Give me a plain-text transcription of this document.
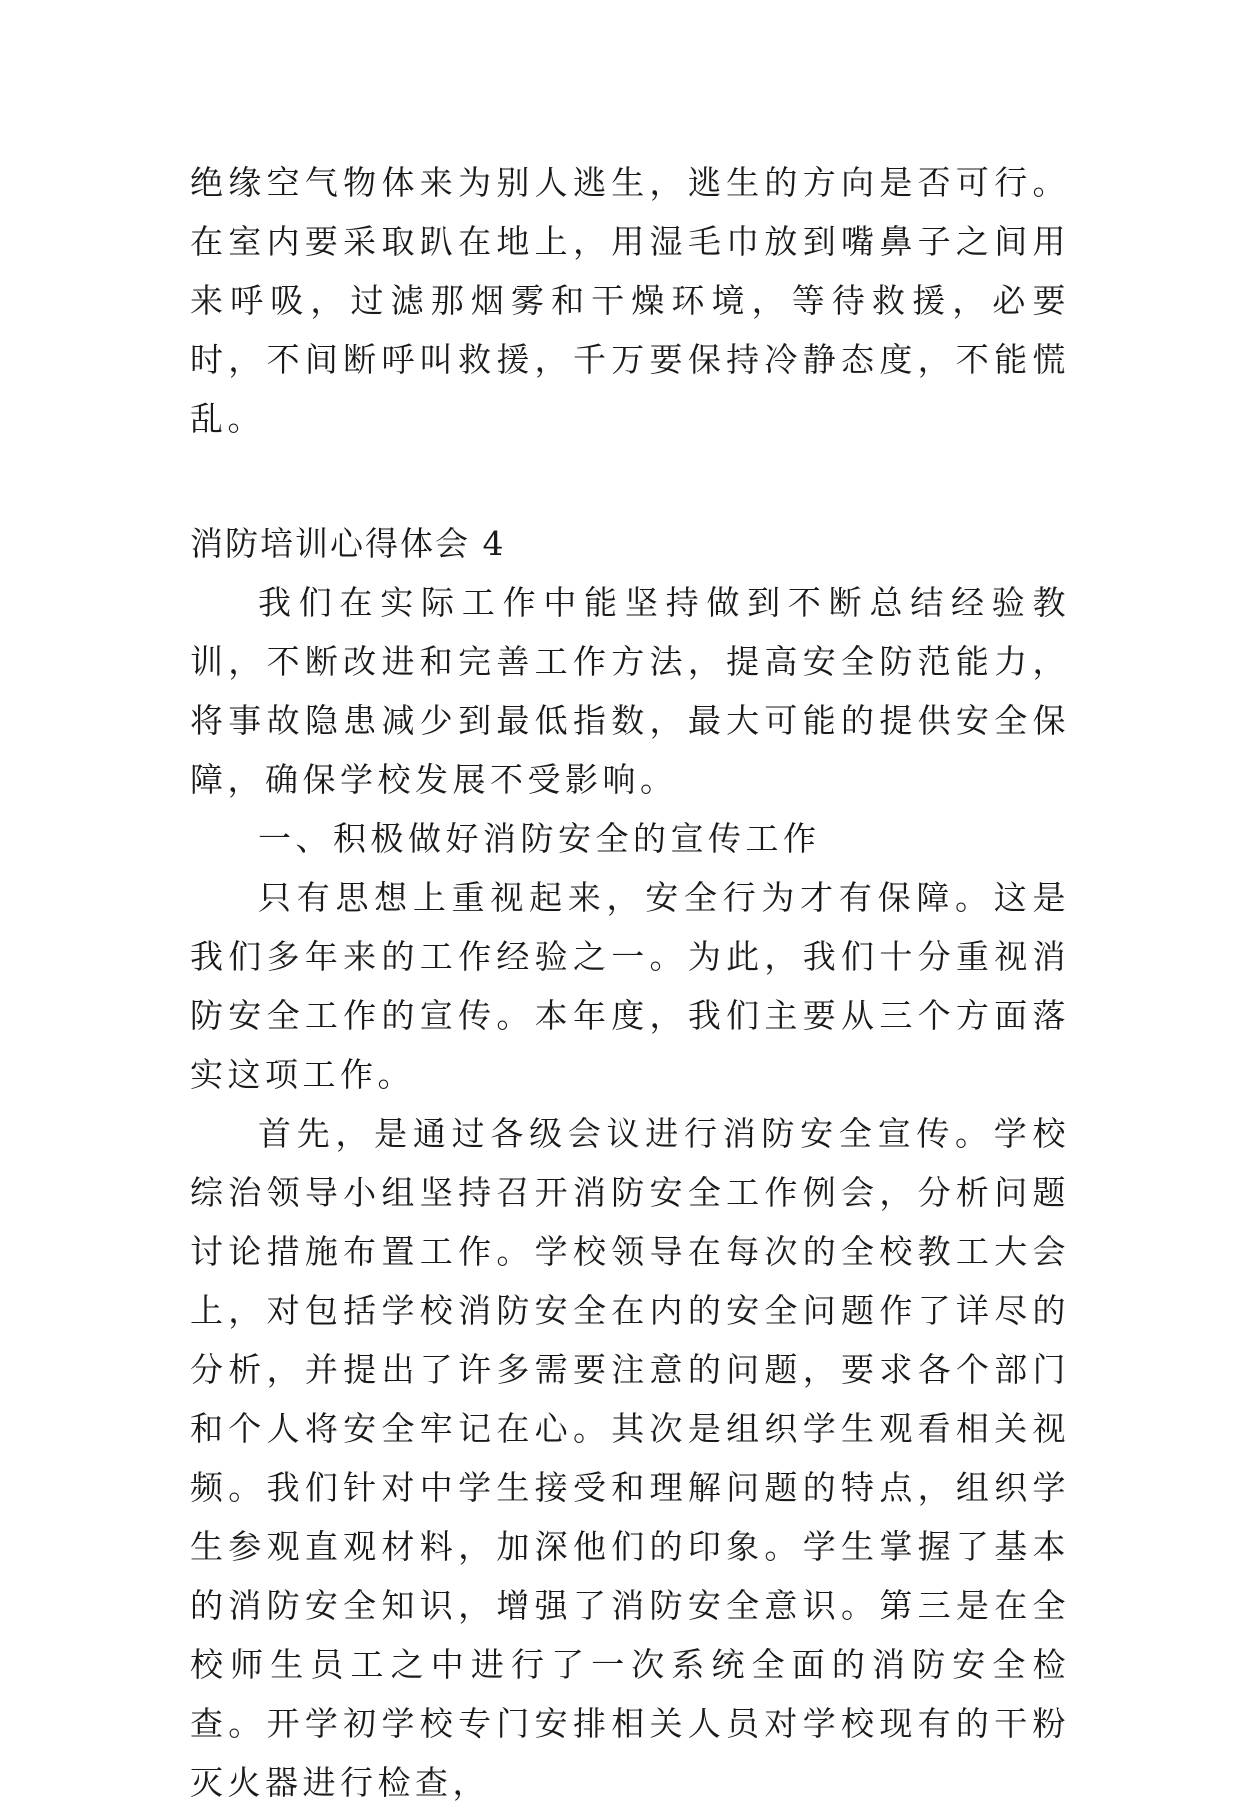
绝缘空气物体来为别人逃生，逃生的方向是否可行。在室内要采取趴在地上，用湿毛巾放到嘴鼻子之间用来呼吸，过滤那烟雾和干燥环境，等待救援，必要时，不间断呼叫救援，千万要保持冷静态度，不能慌乱。

消防培训心得体会 4

我们在实际工作中能坚持做到不断总结经验教训，不断改进和完善工作方法，提高安全防范能力，将事故隐患减少到最低指数，最大可能的提供安全保障，确保学校发展不受影响。

一、积极做好消防安全的宣传工作

只有思想上重视起来，安全行为才有保障。这是我们多年来的工作经验之一。为此，我们十分重视消防安全工作的宣传。本年度，我们主要从三个方面落实这项工作。

首先，是通过各级会议进行消防安全宣传。学校综治领导小组坚持召开消防安全工作例会，分析问题讨论措施布置工作。学校领导在每次的全校教工大会上，对包括学校消防安全在内的安全问题作了详尽的分析，并提出了许多需要注意的问题，要求各个部门和个人将安全牢记在心。其次是组织学生观看相关视频。我们针对中学生接受和理解问题的特点，组织学生参观直观材料，加深他们的印象。学生掌握了基本的消防安全知识，增强了消防安全意识。第三是在全校师生员工之中进行了一次系统全面的消防安全检查。开学初学校专门安排相关人员对学校现有的干粉灭火器进行检查，
